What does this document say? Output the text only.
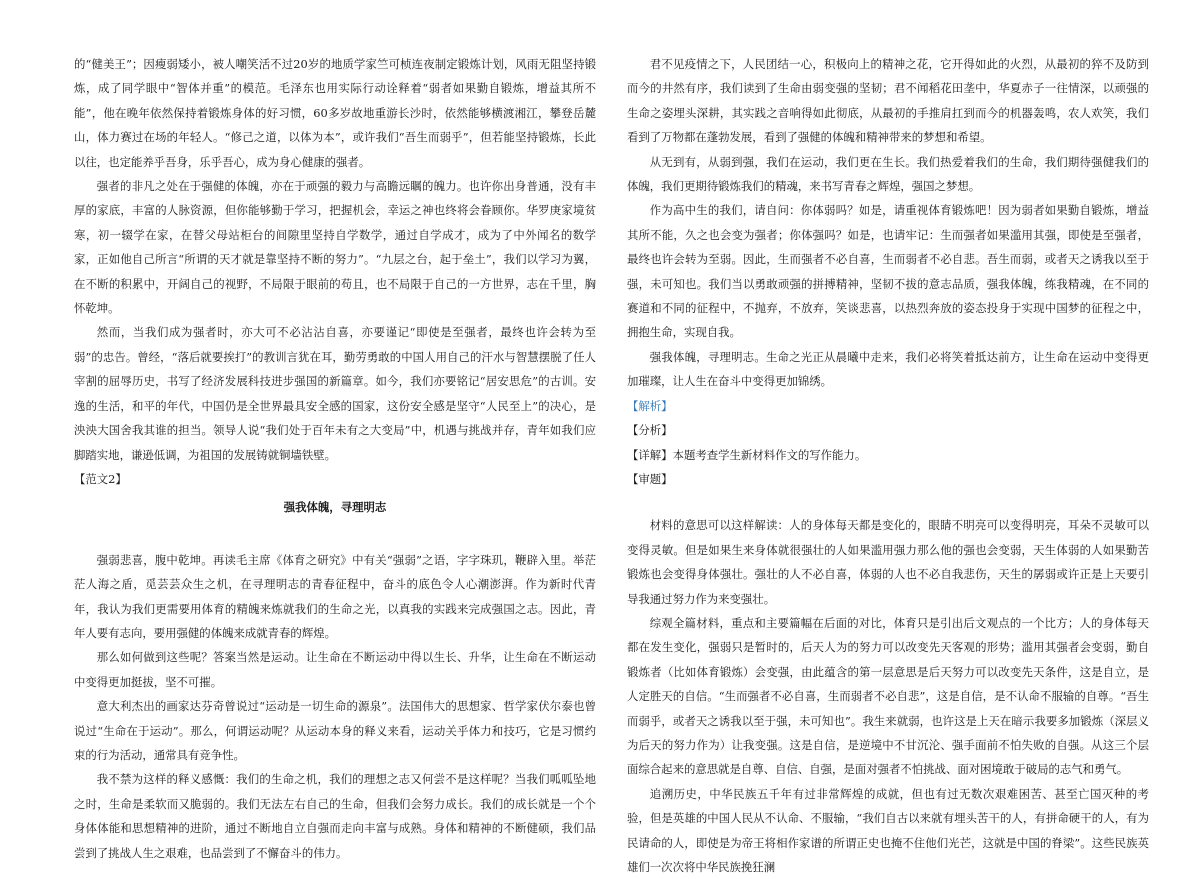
的“健美王”；因瘦弱矮小，被人嘲笑活不过20岁的地质学家竺可桢连夜制定锻炼计划，风雨无阻坚持锻炼，成了同学眼中“智体并重”的模范。毛泽东也用实际行动诠释着“弱者如果勤自锻炼，增益其所不能”，他在晚年依然保持着锻炼身体的好习惯，60多岁故地重游长沙时，依然能够横渡湘江，攀登岳麓山，体力赛过在场的年轻人。“修己之道，以体为本”，或许我们“吾生而弱乎”，但若能坚持锻炼，长此以往，也定能养乎吾身，乐乎吾心，成为身心健康的强者。

强者的非凡之处在于强健的体魄，亦在于顽强的毅力与高瞻远瞩的魄力。也许你出身普通，没有丰厚的家底，丰富的人脉资源，但你能够勤于学习，把握机会，幸运之神也终将会眷顾你。华罗庚家境贫寒，初一辍学在家，在替父母站柜台的间隙里坚持自学数学，通过自学成才，成为了中外闻名的数学家，正如他自己所言“所谓的天才就是靠坚持不断的努力”。“九层之台，起于垒土”，我们以学习为翼，在不断的积累中，开阔自己的视野，不局限于眼前的苟且，也不局限于自己的一方世界，志在千里，胸怀乾坤。

然而，当我们成为强者时，亦大可不必沾沾自喜，亦要谨记“即使是至强者，最终也许会转为至弱”的忠告。曾经，“落后就要挨打”的教训言犹在耳，勤劳勇敢的中国人用自己的汗水与智慧摆脱了任人宰割的屈辱历史，书写了经济发展科技进步强国的新篇章。如今，我们亦要铭记“居安思危”的古训。安逸的生活，和平的年代，中国仍是全世界最具安全感的国家，这份安全感是坚守“人民至上”的决心，是泱泱大国舍我其谁的担当。领导人说“我们处于百年未有之大变局”中，机遇与挑战并存，青年如我们应脚踏实地，谦逊低调，为祖国的发展铸就铜墙铁壁。

【范文2】

强我体魄，寻理明志

强弱悲喜，腹中乾坤。再读毛主席《体育之研究》中有关“强弱”之语，字字珠玑，鞭辟入里。举茫茫人海之盾，觅芸芸众生之机，在寻理明志的青春征程中，奋斗的底色令人心潮澎湃。作为新时代青年，我认为我们更需要用体育的精魄来炼就我们的生命之光，以真我的实践来完成强国之志。因此，青年人要有志向，要用强健的体魄来成就青春的辉煌。

那么如何做到这些呢？答案当然是运动。让生命在不断运动中得以生长、升华，让生命在不断运动中变得更加挺拔，坚不可摧。

意大利杰出的画家达芬奇曾说过“运动是一切生命的源泉”。法国伟大的思想家、哲学家伏尔泰也曾说过“生命在于运动”。那么，何谓运动呢？从运动本身的释义来看，运动关乎体力和技巧，它是习惯约束的行为活动，通常具有竞争性。

我不禁为这样的释义感慨：我们的生命之机，我们的理想之志又何尝不是这样呢？当我们呱呱坠地之时，生命是柔软而又脆弱的。我们无法左右自己的生命，但我们会努力成长。我们的成长就是一个个身体体能和思想精神的进阶，通过不断地自立自强而走向丰富与成熟。身体和精神的不断健硕，我们品尝到了挑战人生之艰难，也品尝到了不懈奋斗的伟力。

君不见疫情之下，人民团结一心，积极向上的精神之花，它开得如此的火烈，从最初的猝不及防到而今的井然有序，我们读到了生命由弱变强的坚韧；君不闻稻花田垄中，华夏赤子一往情深，以顽强的生命之姿埋头深耕，其实践之音响得如此彻底，从最初的手推肩扛到而今的机器轰鸣，农人欢笑，我们看到了万物都在蓬勃发展，看到了强健的体魄和精神带来的梦想和希望。

从无到有，从弱到强，我们在运动，我们更在生长。我们热爱着我们的生命，我们期待强健我们的体魄，我们更期待锻炼我们的精魂，来书写青春之辉煌，强国之梦想。

作为高中生的我们，请自问：你体弱吗？如是，请重视体育锻炼吧！因为弱者如果勤自锻炼，增益其所不能，久之也会变为强者；你体强吗？如是，也请牢记：生而强者如果滥用其强，即使是至强者，最终也许会转为至弱。因此，生而强者不必自喜，生而弱者不必自悲。吾生而弱，或者天之诱我以至于强，未可知也。我们当以勇敢顽强的拼搏精神，坚韧不拔的意志品质，强我体魄，练我精魂，在不同的赛道和不同的征程中，不抛弃，不放弃，笑谈悲喜，以热烈奔放的姿态投身于实现中国梦的征程之中，拥抱生命，实现自我。

强我体魄，寻理明志。生命之光正从晨曦中走来，我们必将笑着抵达前方，让生命在运动中变得更加璀璨，让人生在奋斗中变得更加锦绣。

【解析】

【分析】

【详解】本题考查学生新材料作文的写作能力。

【审题】

材料的意思可以这样解读：人的身体每天都是变化的，眼睛不明亮可以变得明亮，耳朵不灵敏可以变得灵敏。但是如果生来身体就很强壮的人如果滥用强力那么他的强也会变弱，天生体弱的人如果勤苦锻炼也会变得身体强壮。强壮的人不必自喜，体弱的人也不必自我悲伤，天生的孱弱或许正是上天要引导我通过努力作为来变强壮。

综观全篇材料，重点和主要篇幅在后面的对比，体育只是引出后文观点的一个比方；人的身体每天都在发生变化，强弱只是暂时的，后天人为的努力可以改变先天客观的形势；滥用其强者会变弱，勤自锻炼者（比如体育锻炼）会变强，由此蕴含的第一层意思是后天努力可以改变先天条件，这是自立，是人定胜天的自信。“生而强者不必自喜，生而弱者不必自悲”，这是自信，是不认命不服输的自尊。“吾生而弱乎，或者天之诱我以至于强，未可知也”。我生来就弱，也许这是上天在暗示我要多加锻炼（深层义为后天的努力作为）让我变强。这是自信，是逆境中不甘沉沦、强手面前不怕失败的自强。从这三个层面综合起来的意思就是自尊、自信、自强，是面对强者不怕挑战、面对困境敢于破局的志气和勇气。

追溯历史，中华民族五千年有过非常辉煌的成就，但也有过无数次艰难困苦、甚至亡国灭种的考验，但是英雄的中国人民从不认命、不服输，“我们自古以来就有埋头苦干的人，有拼命硬干的人，有为民请命的人，即使是为帝王将相作家谱的所谓正史也掩不住他们光芒，这就是中国的脊梁”。这些民族英雄们一次次将中华民族挽狂澜
